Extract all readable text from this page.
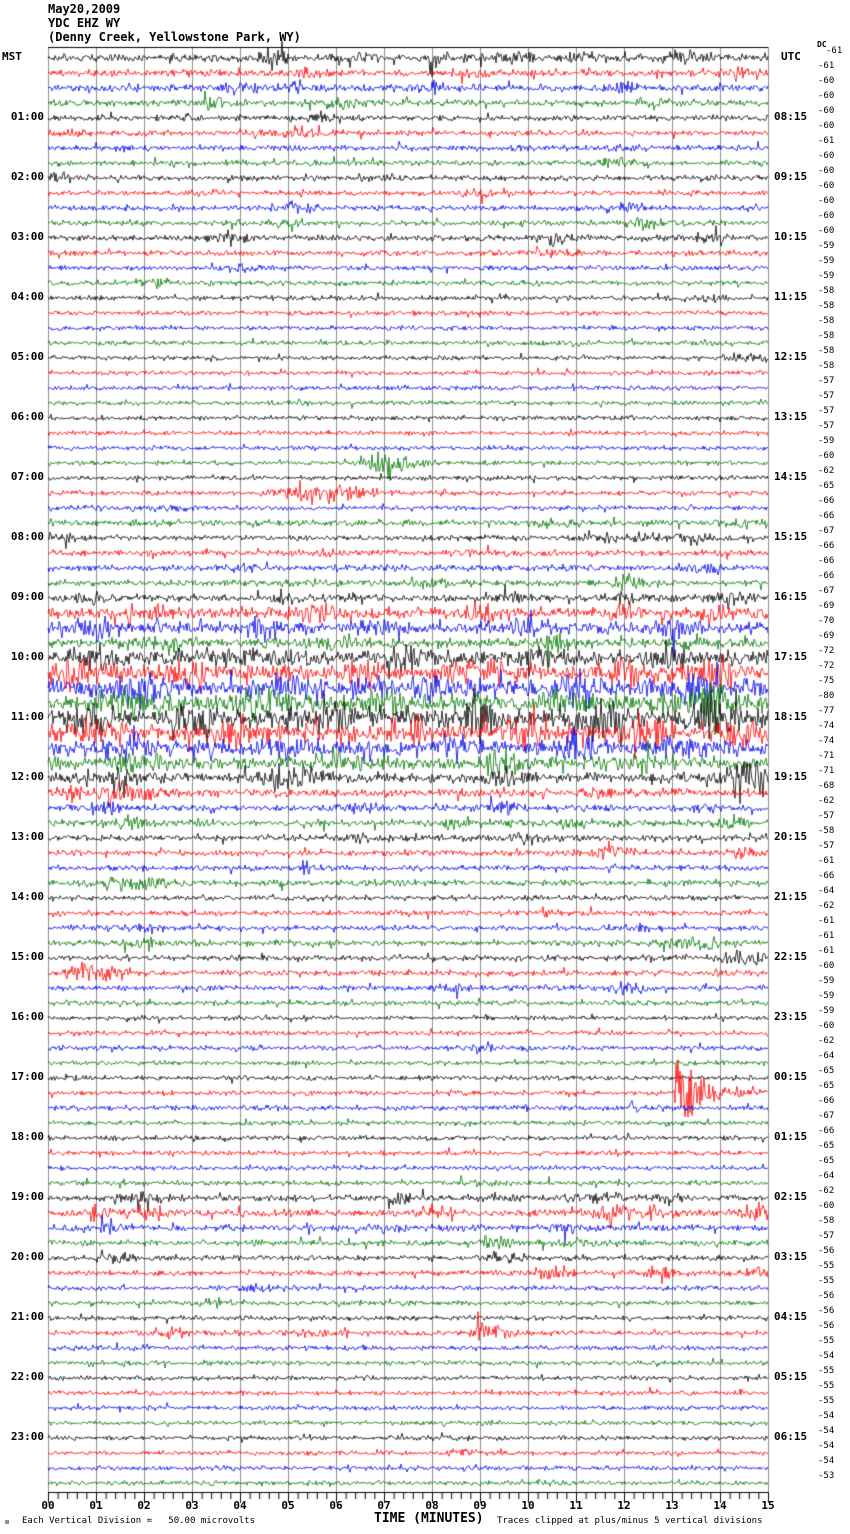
May20,2009
YDC EHZ WY
(Denny Creek, Yellowstone Park, WY)
MST	UTC
DC
01:00
02:00
03:00
04:00
05:00
06:00
07:00
08:00
09:00
10:00
11:00
12:00
13:00
14:00
15:00
16:00
17:00
18:00
19:00
20:00
21:00
22:00
23:00
08:15
09:15
10:15
11:15
12:15
13:15
14:15
15:15
16:15
17:15
18:15
19:15
20:15
21:15
22:15
23:15
00:15
01:15
02:15
03:15
04:15
05:15
06:15
-61
-61
-60
-60
-60
-60
-61
-60
-60
-60
-60
-60
-60
-59
-59
-59
-58
-58
-58
-58
-58
-58
-57
-57
-57
-57
-59
-60
-62
-65
-66
-66
-67
-66
-66
-66
-67
-69
-70
-69
-72
-72
-75
-80
-77
-74
-74
-71
-71
-68
-62
-57
-58
-57
-61
-66
-64
-62
-61
-61
-61
-60
-59
-59
-59
-60
-62
-64
-65
-65
-66
-67
-66
-65
-65
-64
-62
-60
-58
-57
-56
-55
-55
-56
-56
-56
-55
-54
-55
-55
-55
-54
-54
-54
-54
-53
00	01	02	03	04	05	06	07	08	09	10	11	12	13	14	15
ʍ Each Vertical Division =   50.00 microvolts	TIME (MINUTES) Traces clipped at plus/minus 5 vertical divisions
